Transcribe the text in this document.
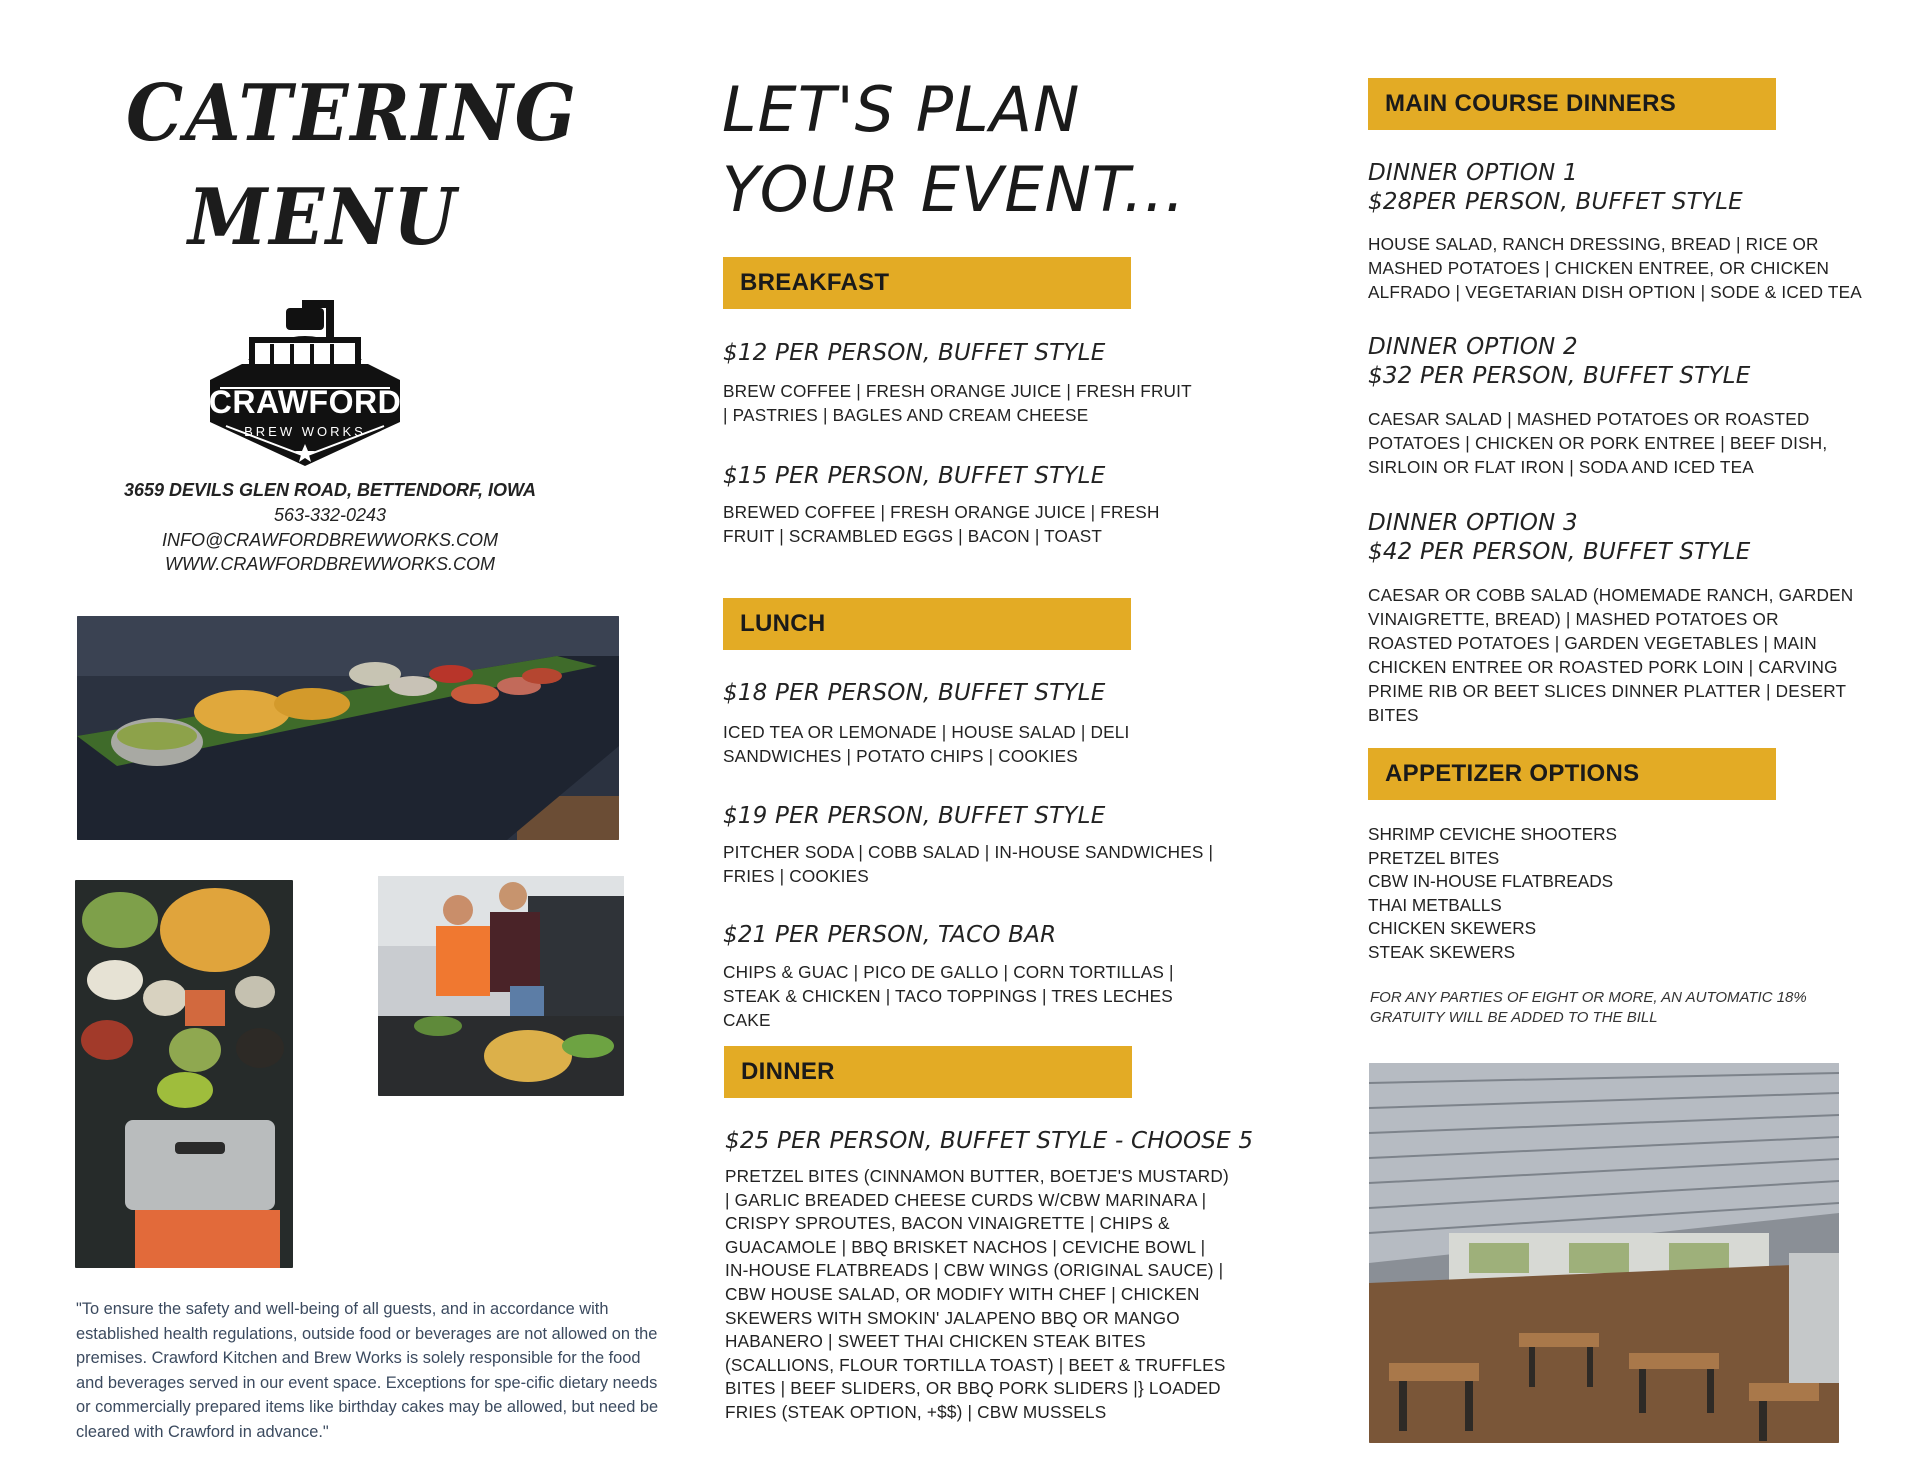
CATERING
MENU
CRAWFORD
BREW WORKS
3659 DEVILS GLEN ROAD, BETTENDORF, IOWA
563-332-0243
INFO@CRAWFORDBREWWORKS.COM
WWW.CRAWFORDBREWWORKS.COM
"To ensure the safety and well-being of all guests, and in accordance with established health regulations, outside food or beverages are not allowed on the premises. Crawford Kitchen and Brew Works is solely responsible for the food and beverages served in our event space. Exceptions for spe-cific dietary needs or commercially prepared items like birthday cakes may be allowed, but need be cleared with Crawford in advance."
LET'S PLAN
YOUR EVENT...
BREAKFAST
$12 PER PERSON, BUFFET STYLE
BREW COFFEE | FRESH ORANGE JUICE | FRESH FRUIT | PASTRIES | BAGLES AND CREAM CHEESE
$15 PER PERSON, BUFFET STYLE
BREWED COFFEE | FRESH ORANGE JUICE | FRESH FRUIT | SCRAMBLED EGGS | BACON | TOAST
LUNCH
$18 PER PERSON, BUFFET STYLE
ICED TEA OR LEMONADE | HOUSE SALAD | DELI SANDWICHES | POTATO CHIPS | COOKIES
$19 PER PERSON, BUFFET STYLE
PITCHER SODA | COBB SALAD | IN-HOUSE SANDWICHES | FRIES | COOKIES
$21 PER PERSON, TACO BAR
CHIPS & GUAC | PICO DE GALLO | CORN TORTILLAS | STEAK & CHICKEN | TACO TOPPINGS | TRES LECHES CAKE
DINNER
$25 PER PERSON, BUFFET STYLE - CHOOSE 5
PRETZEL BITES (CINNAMON BUTTER, BOETJE'S MUSTARD) | GARLIC BREADED CHEESE CURDS W/CBW MARINARA | CRISPY SPROUTES, BACON VINAIGRETTE | CHIPS & GUACAMOLE | BBQ BRISKET NACHOS | CEVICHE BOWL | IN-HOUSE FLATBREADS | CBW WINGS (ORIGINAL SAUCE) | CBW HOUSE SALAD, OR MODIFY WITH CHEF | CHICKEN SKEWERS WITH SMOKIN' JALAPENO BBQ OR MANGO HABANERO | SWEET THAI CHICKEN STEAK BITES (SCALLIONS, FLOUR TORTILLA TOAST) | BEET & TRUFFLES BITES | BEEF SLIDERS, OR BBQ PORK SLIDERS |} LOADED FRIES (STEAK OPTION, +$$) | CBW MUSSELS
MAIN COURSE DINNERS
DINNER OPTION 1
$28PER PERSON, BUFFET STYLE
HOUSE SALAD, RANCH DRESSING, BREAD | RICE OR MASHED POTATOES | CHICKEN ENTREE, OR CHICKEN ALFRADO | VEGETARIAN DISH OPTION | SODE & ICED TEA
DINNER OPTION 2
$32 PER PERSON, BUFFET STYLE
CAESAR SALAD | MASHED POTATOES OR ROASTED POTATOES | CHICKEN OR PORK ENTREE | BEEF DISH, SIRLOIN OR FLAT IRON | SODA AND ICED TEA
DINNER OPTION 3
$42 PER PERSON, BUFFET STYLE
CAESAR OR COBB SALAD (HOMEMADE RANCH, GARDEN VINAIGRETTE, BREAD) | MASHED POTATOES OR ROASTED POTATOES | GARDEN VEGETABLES | MAIN CHICKEN ENTREE OR ROASTED PORK LOIN | CARVING PRIME RIB OR BEET SLICES DINNER PLATTER | DESERT BITES
APPETIZER OPTIONS
SHRIMP CEVICHE SHOOTERS
PRETZEL BITES
CBW IN-HOUSE FLATBREADS
THAI METBALLS
CHICKEN SKEWERS
STEAK SKEWERS
FOR ANY PARTIES OF EIGHT OR MORE, AN AUTOMATIC 18%
GRATUITY WILL BE ADDED TO THE BILL
